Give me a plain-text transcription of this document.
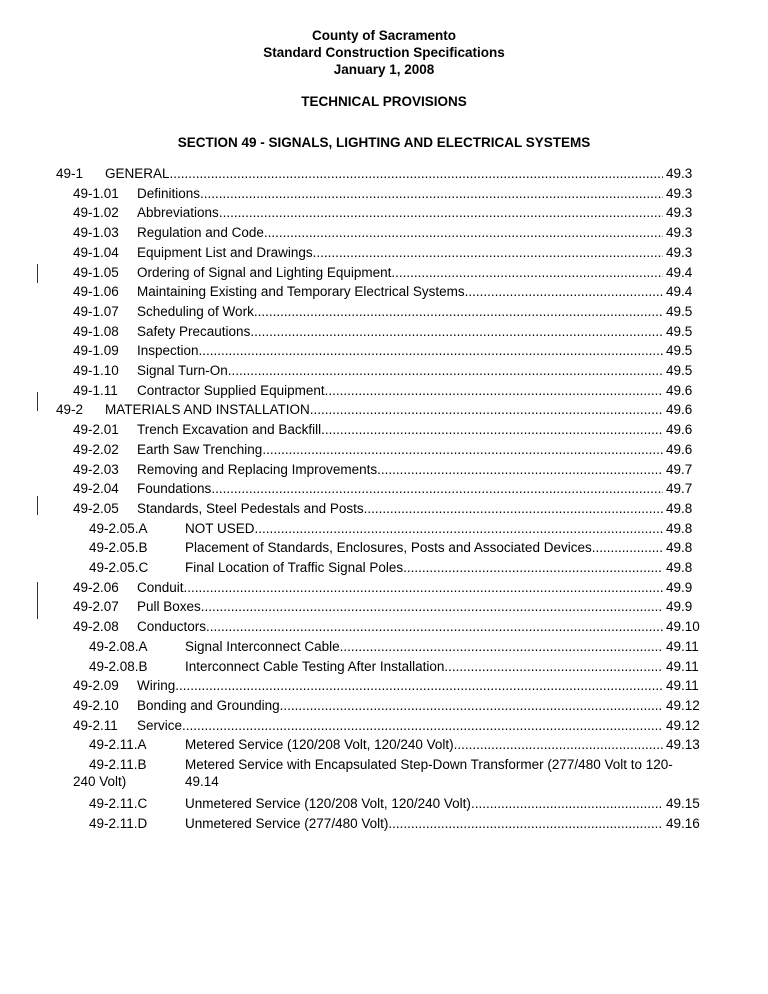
County of Sacramento
Standard Construction Specifications
January 1, 2008
TECHNICAL PROVISIONS
SECTION 49 - SIGNALS, LIGHTING AND ELECTRICAL SYSTEMS
49-1 GENERAL .....	49.3
49-1.01 Definitions .....	49.3
49-1.02 Abbreviations .....	49.3
49-1.03 Regulation and Code .....	49.3
49-1.04 Equipment List and Drawings .....	49.3
49-1.05 Ordering of Signal and Lighting Equipment .....	49.4
49-1.06 Maintaining Existing and Temporary Electrical Systems .....	49.4
49-1.07 Scheduling of Work .....	49.5
49-1.08 Safety Precautions .....	49.5
49-1.09 Inspection .....	49.5
49-1.10 Signal Turn-On .....	49.5
49-1.11 Contractor Supplied Equipment .....	49.6
49-2 MATERIALS AND INSTALLATION .....	49.6
49-2.01 Trench Excavation and Backfill .....	49.6
49-2.02 Earth Saw Trenching .....	49.6
49-2.03 Removing and Replacing Improvements .....	49.7
49-2.04 Foundations .....	49.7
49-2.05 Standards, Steel Pedestals and Posts .....	49.8
49-2.05.A	NOT USED .....	49.8
49-2.05.B	Placement of Standards, Enclosures, Posts and Associated Devices .....	49.8
49-2.05.C	Final Location of Traffic Signal Poles .....	49.8
49-2.06 Conduit .....	49.9
49-2.07 Pull Boxes .....	49.9
49-2.08 Conductors .....	49.10
49-2.08.A	Signal Interconnect Cable .....	49.11
49-2.08.B	Interconnect Cable Testing After Installation .....	49.11
49-2.09 Wiring .....	49.11
49-2.10 Bonding and Grounding .....	49.12
49-2.11 Service .....	49.12
49-2.11.A	Metered Service (120/208 Volt, 120/240 Volt) .....	49.13
49-2.11.B	Metered Service with Encapsulated Step-Down Transformer (277/480 Volt to 120-
240 Volt)	49.14
49-2.11.C	Unmetered Service (120/208 Volt, 120/240 Volt) .....	49.15
49-2.11.D	Unmetered Service (277/480 Volt) .....	49.16
